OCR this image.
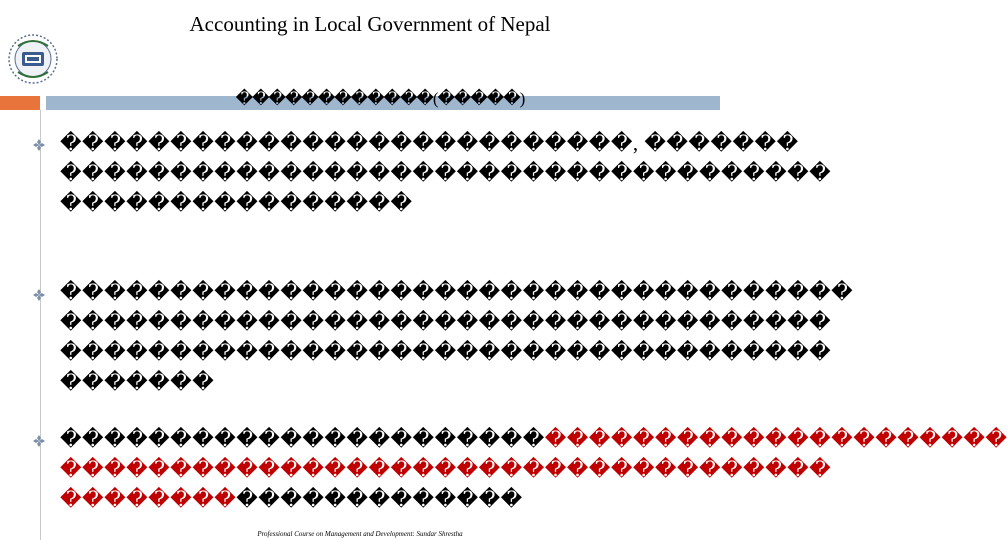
Accounting in Local Government of Nepal
������������(�����)
��������������������������, �������
�����������������������������������
����������������
������������������������������������
�����������������������������������
�����������������������������������
�������
�������������������������������������������
�����������������������������������
���������������������
Professional Course on Management and Development: Sundar Shrestha
